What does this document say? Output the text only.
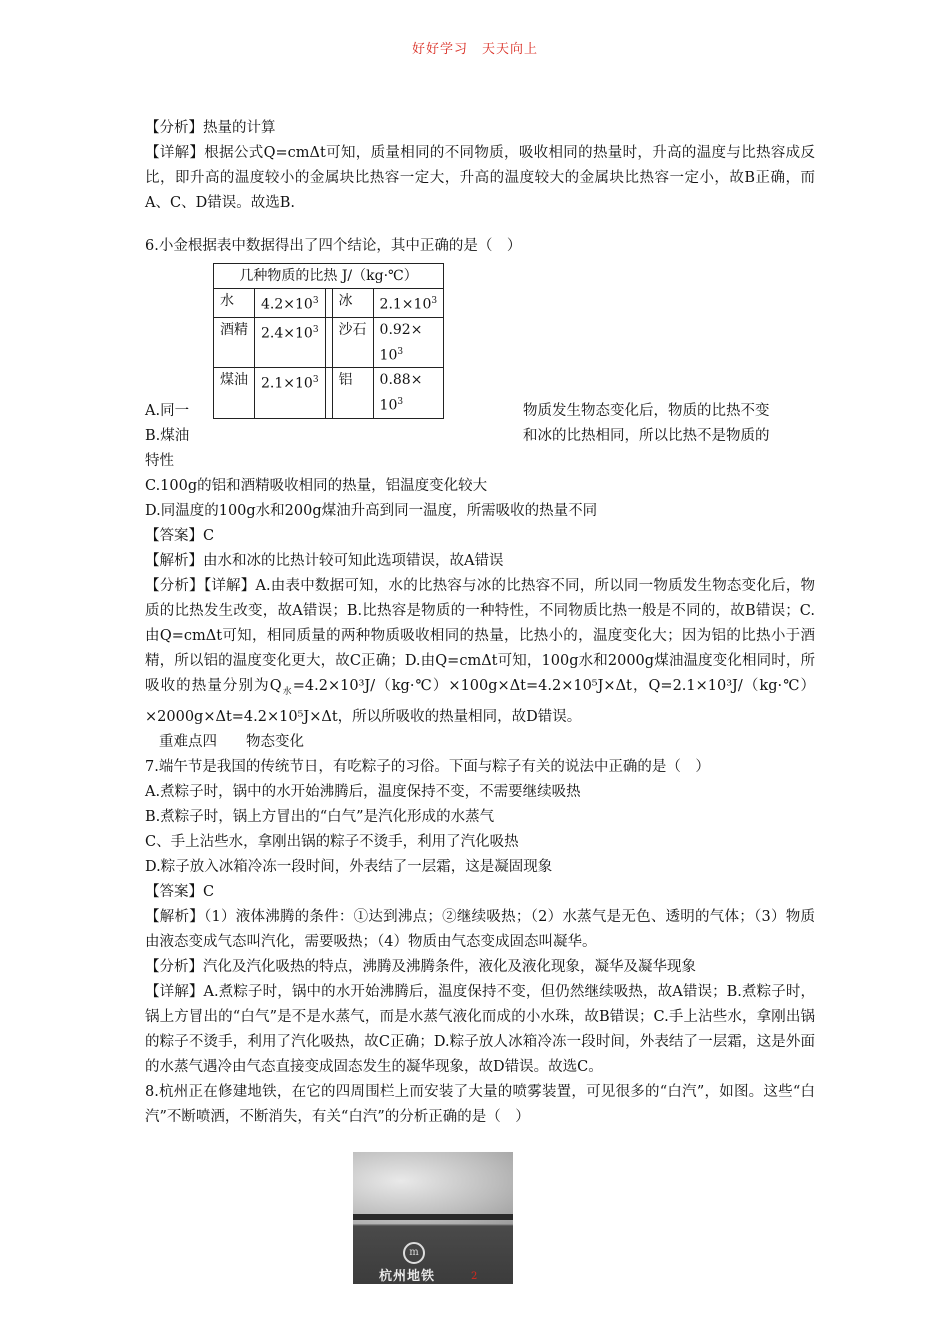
好好学习　天天向上

【分析】热量的计算

【详解】根据公式Q=cmΔt可知，质量相同的不同物质，吸收相同的热量时，升高的温度与比热容成反比，即升高的温度较小的金属块比热容一定大，升高的温度较大的金属块比热容一定小，故B正确，而A、C、D错误。故选B.

6.小金根据表中数据得出了四个结论，其中正确的是（　）

几种物质的比热 J/（kg·℃）				
水	$4.2\times 10^3$		冰	$2.1\times 10^3$
酒精	$2.4\times 10^3$		沙石	0.92×
$10^3$
煤油	$2.1\times 10^3$		铝	0.88×
$10^3$
A.同一	物质发生物态变化后，物质的比热不变
B.煤油	和冰的比热相同，所以比热不是物质的

特性

C.100g的铝和酒精吸收相同的热量，铝温度变化较大

D.同温度的100g水和200g煤油升高到同一温度，所需吸收的热量不同

【答案】C

【解析】由水和冰的比热计较可知此选项错误，故A错误

【分析】【详解】A.由表中数据可知，水的比热容与冰的比热容不同，所以同一物质发生物态变化后，物质的比热发生改变，故A错误；B.比热容是物质的一种特性，不同物质比热一般是不同的，故B错误；C.由Q=cmΔt可知，相同质量的两种物质吸收相同的热量，比热小的，温度变化大；因为铝的比热小于酒精，所以铝的温度变化更大，故C正确；D.由Q=cmΔt可知，100g水和2000g煤油温度变化相同时，所吸收的热量分别为$Q_水=4.2\times 10^3J/(kg\cdot℃)\times 100g\times\Delta t=4.2\times 10^5J\times\Delta t$，Q=2.1×10³J/（kg·℃）×2000g×Δt=4.2×10⁵J×Δt，所以所吸收的热量相同，故D错误。

重难点四　　物态变化

7.端午节是我国的传统节日，有吃粽子的习俗。下面与粽子有关的说法中正确的是（　）

A.煮粽子时，锅中的水开始沸腾后，温度保持不变，不需要继续吸热

B.煮粽子时，锅上方冒出的“白气”是汽化形成的水蒸气

C、手上沾些水，拿刚出锅的粽子不烫手，利用了汽化吸热

D.粽子放入冰箱冷冻一段时间，外表结了一层霜，这是凝固现象

【答案】C

【解析】（1）液体沸腾的条件：①达到沸点；②继续吸热；（2）水蒸气是无色、透明的气体；（3）物质由液态变成气态叫汽化，需要吸热；（4）物质由气态变成固态叫凝华。

【分析】汽化及汽化吸热的特点，沸腾及沸腾条件，液化及液化现象，凝华及凝华现象

【详解】A.煮粽子时，锅中的水开始沸腾后，温度保持不变，但仍然继续吸热，故A错误；B.煮粽子时，锅上方冒出的“白气”是不是水蒸气，而是水蒸气液化而成的小水珠，故B错误；C.手上沾些水，拿刚出锅的粽子不烫手，利用了汽化吸热，故C正确；D.粽子放人冰箱冷冻一段时间，外表结了一层霜，这是外面的水蒸气遇冷由气态直接变成固态发生的凝华现象，故D错误。故选C。

8.杭州正在修建地铁，在它的四周围栏上而安装了大量的喷雾装置，可见很多的“白汽”，如图。这些“白汽”不断喷洒，不断消失，有关“白汽”的分析正确的是（　）

m
杭州地铁	2
